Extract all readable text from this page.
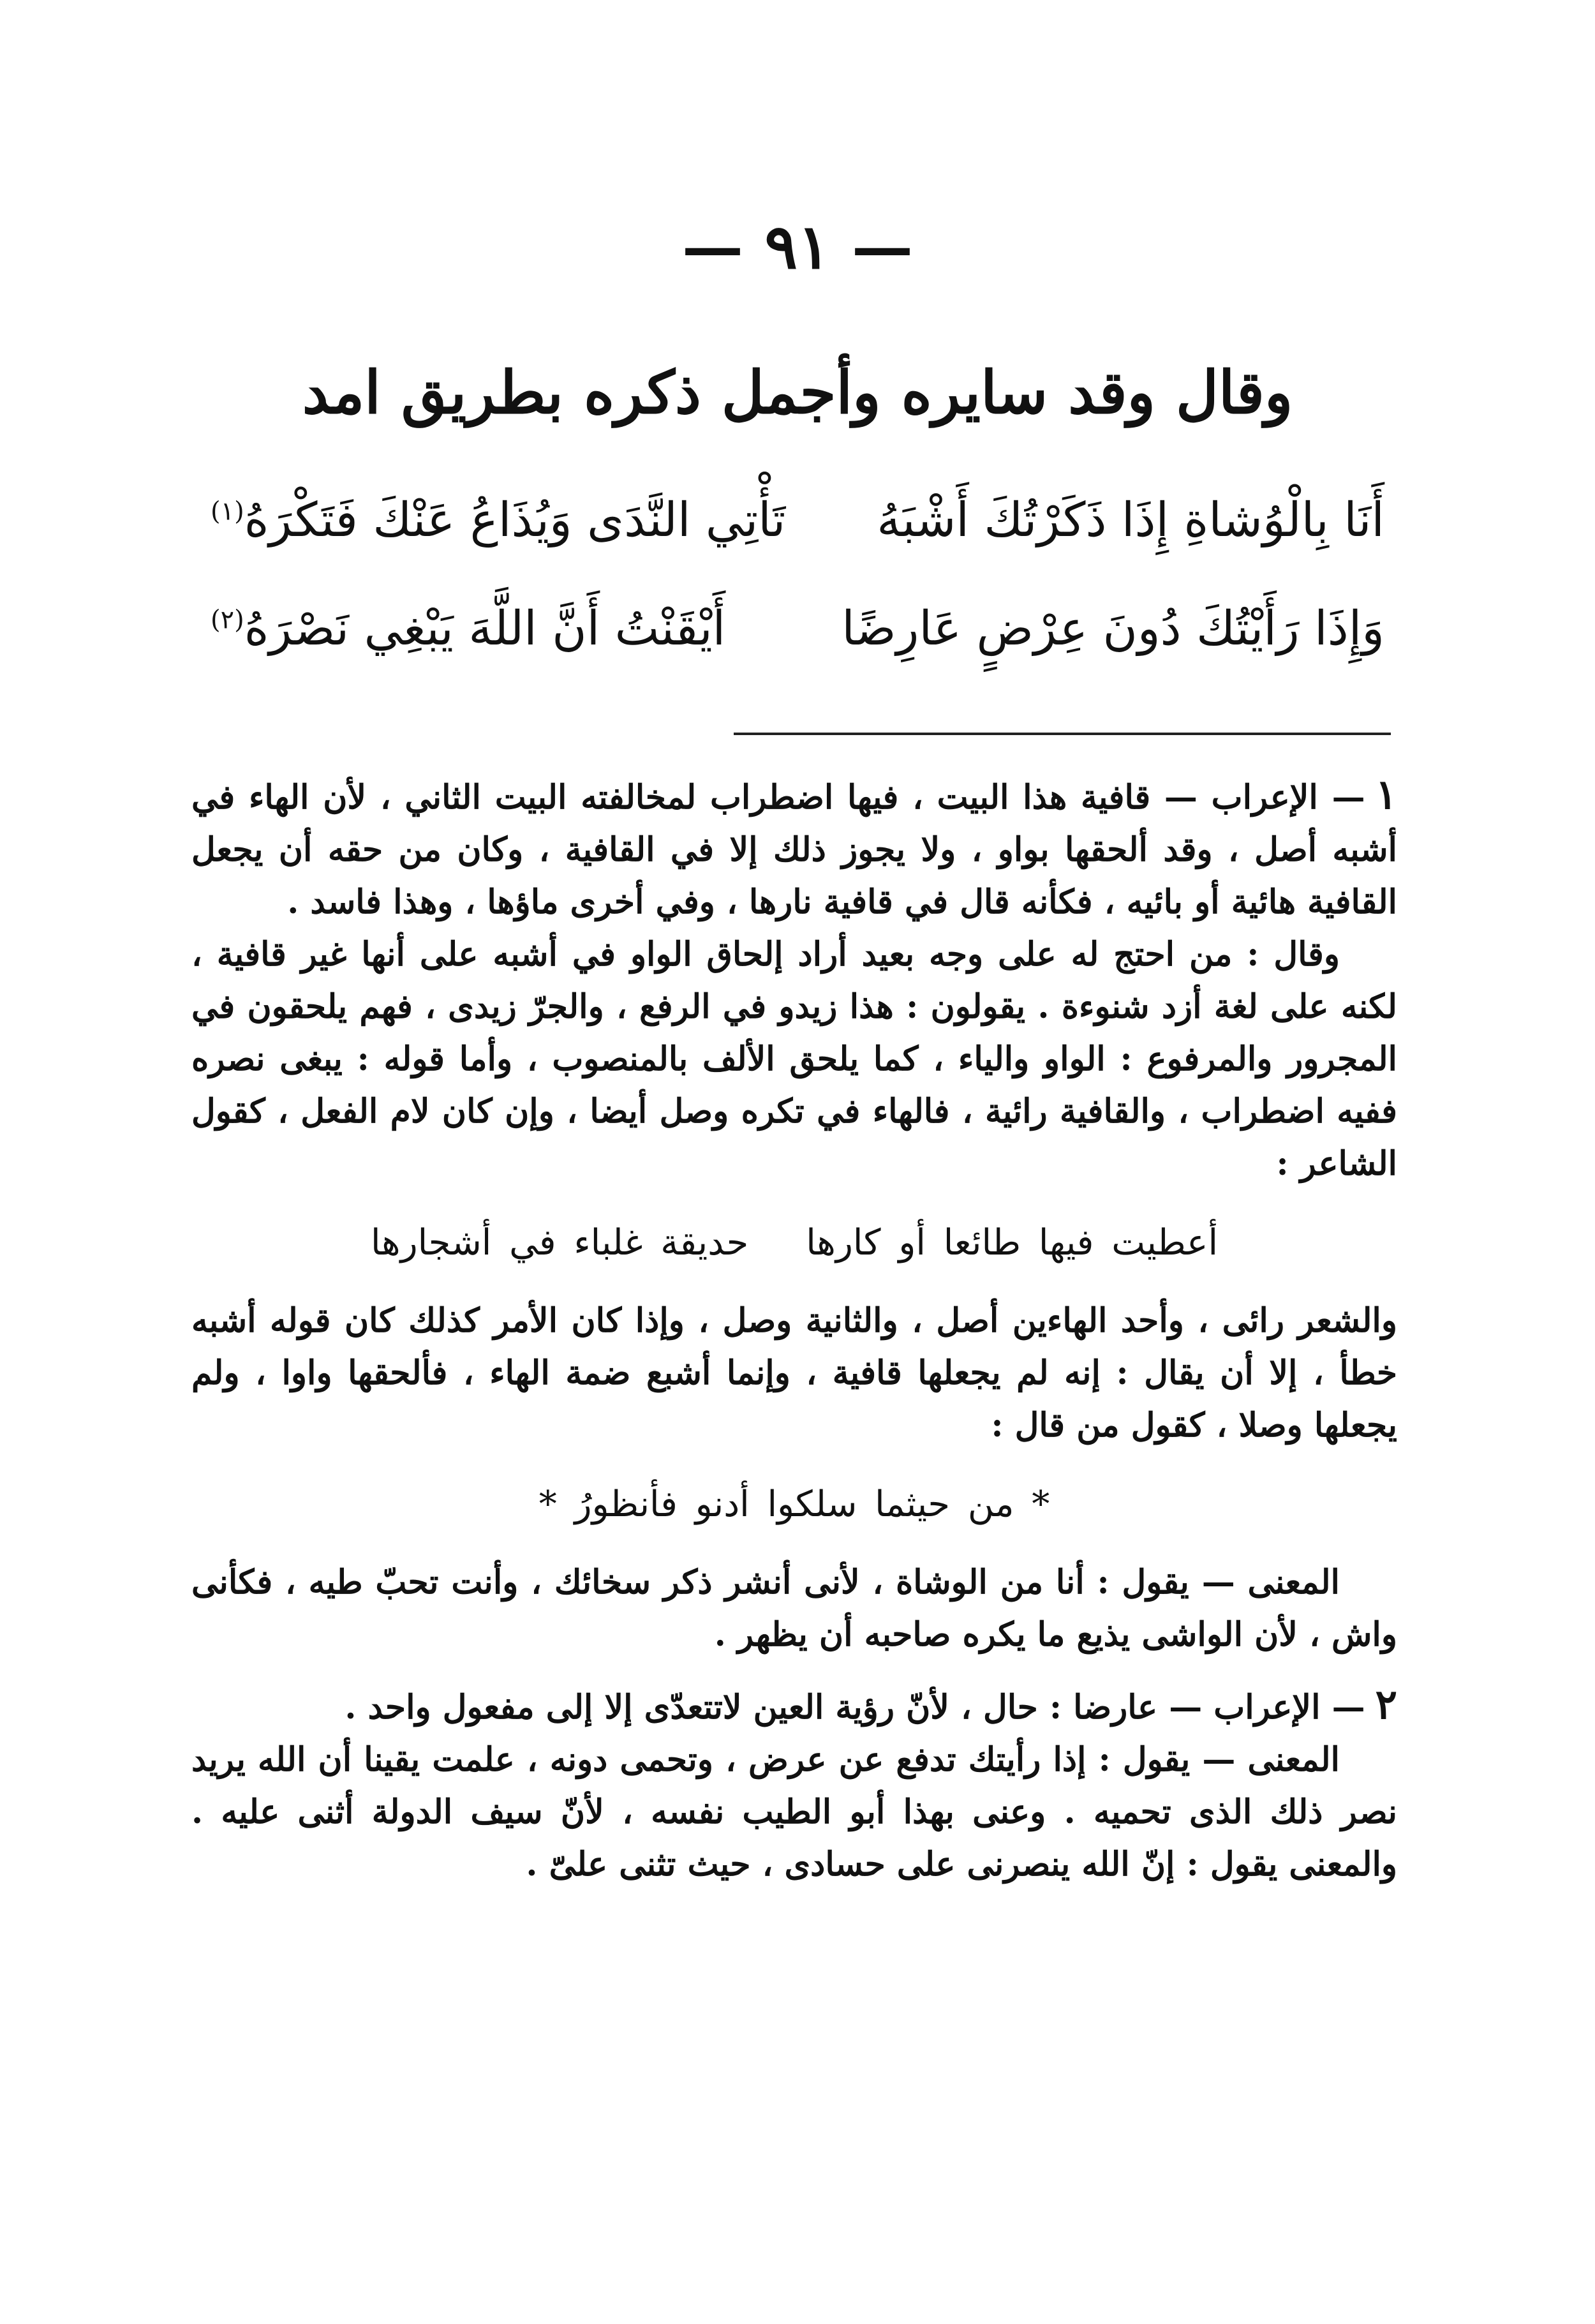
— ٩١ —
وقال وقد سايره وأجمل ذكره بطريق امد
أَنَا بِالْوُشاةِ إِذَا ذَكَرْتُكَ أَشْبَهُ
تَأْتِي النَّدَى وَيُذَاعُ عَنْكَ فَتَكْرَهُ$^{(١)}$
وَإِذَا رَأَيْتُكَ دُونَ عِرْضٍ عَارِضًا
أَيْقَنْتُ أَنَّ اللَّهَ يَبْغِي نَصْرَهُ$^{(٢)}$

١— الإعراب — قافية هذا البيت ، فيها اضطراب لمخالفته البيت الثاني ، لأن الهاء في أشبه أصل ، وقد ألحقها بواو ، ولا يجوز ذلك إلا في القافية ، وكان من حقه أن يجعل القافية هائية أو بائيه ، فكأنه قال في قافية نارها ، وفي أخرى ماؤها ، وهذا فاسد .

وقال : من احتج له على وجه بعيد أراد إلحاق الواو في أشبه على أنها غير قافية ، لكنه على لغة أزد شنوءة . يقولون : هذا زيدو في الرفع ، والجرّ زيدى ، فهم يلحقون في المجرور والمرفوع : الواو والياء ، كما يلحق الألف بالمنصوب ، وأما قوله : يبغى نصره ففيه اضطراب ، والقافية رائية ، فالهاء في تكره وصل أيضا ، وإن كان لام الفعل ، كقول الشاعر :

أعطيت فيها طائعا أو كارهاحديقة غلباء في أشجارها

والشعر رائى ، وأحد الهاءين أصل ، والثانية وصل ، وإذا كان الأمر كذلك كان قوله أشبه خطأ ، إلا أن يقال : إنه لم يجعلها قافية ، وإنما أشبع ضمة الهاء ، فألحقها واوا ، ولم يجعلها وصلا ، كقول من قال :

* من حيثما سلكوا أدنو فأنظورُ *

المعنى — يقول : أنا من الوشاة ، لأنى أنشر ذكر سخائك ، وأنت تحبّ طيه ، فكأنى واش ، لأن الواشى يذيع ما يكره صاحبه أن يظهر .

٢— الإعراب — عارضا : حال ، لأنّ رؤية العين لاتتعدّى إلا إلى مفعول واحد .

المعنى — يقول : إذا رأيتك تدفع عن عرض ، وتحمى دونه ، علمت يقينا أن الله يريد نصر ذلك الذى تحميه . وعنى بهذا أبو الطيب نفسه ، لأنّ سيف الدولة أثنى عليه . والمعنى يقول : إنّ الله ينصرنى على حسادى ، حيث تثنى علىّ .
